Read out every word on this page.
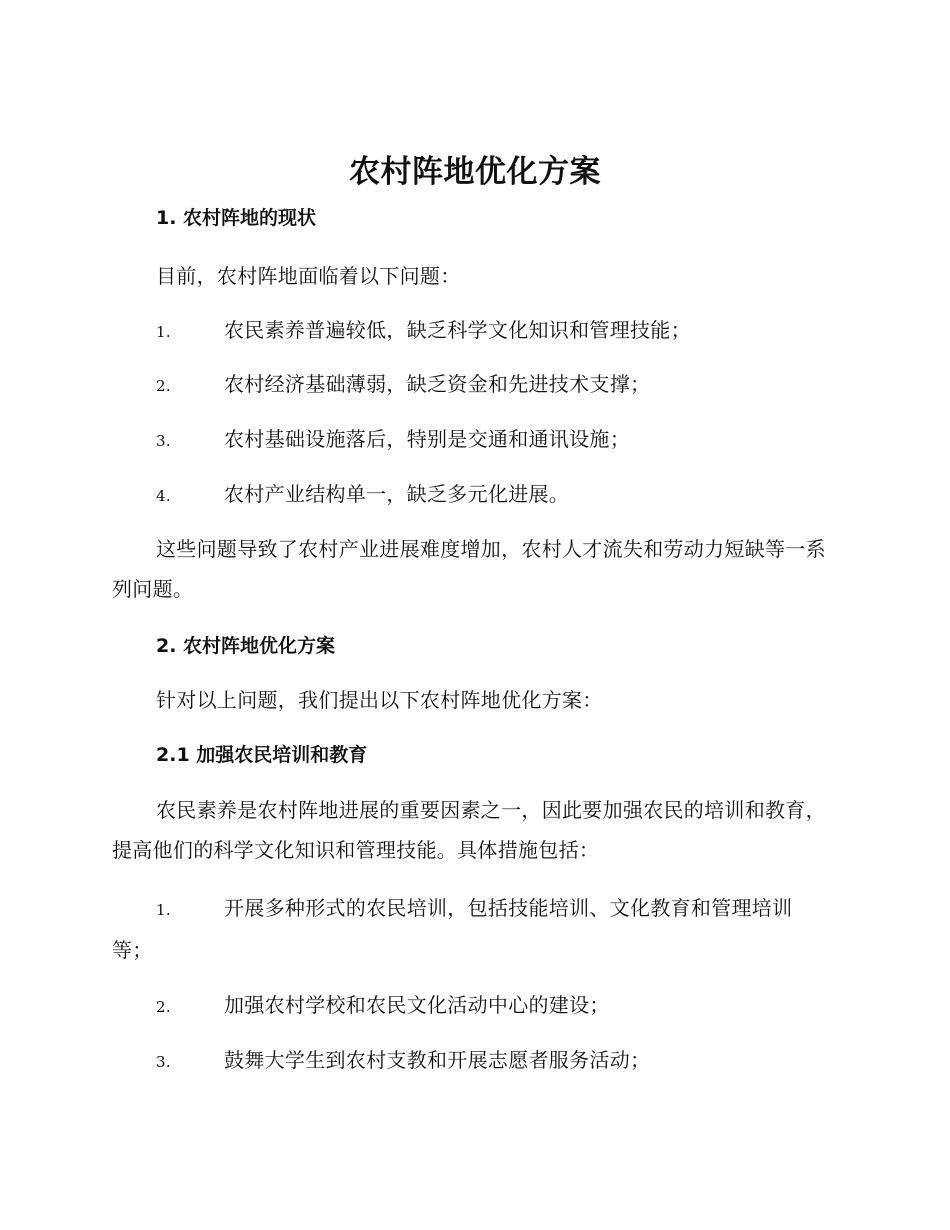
农村阵地优化方案
1. 农村阵地的现状

目前，农村阵地面临着以下问题：

1.	农民素养普遍较低，缺乏科学文化知识和管理技能；

2.	农村经济基础薄弱，缺乏资金和先进技术支撑；

3.	农村基础设施落后，特别是交通和通讯设施；

4.	农村产业结构单一，缺乏多元化进展。

这些问题导致了农村产业进展难度增加，农村人才流失和劳动力短缺等一系列问题。

2. 农村阵地优化方案

针对以上问题，我们提出以下农村阵地优化方案：

2.1 加强农民培训和教育

农民素养是农村阵地进展的重要因素之一，因此要加强农民的培训和教育，提高他们的科学文化知识和管理技能。具体措施包括：

1.	开展多种形式的农民培训，包括技能培训、文化教育和管理培训等；

2.	加强农村学校和农民文化活动中心的建设；

3.	鼓舞大学生到农村支教和开展志愿者服务活动；
